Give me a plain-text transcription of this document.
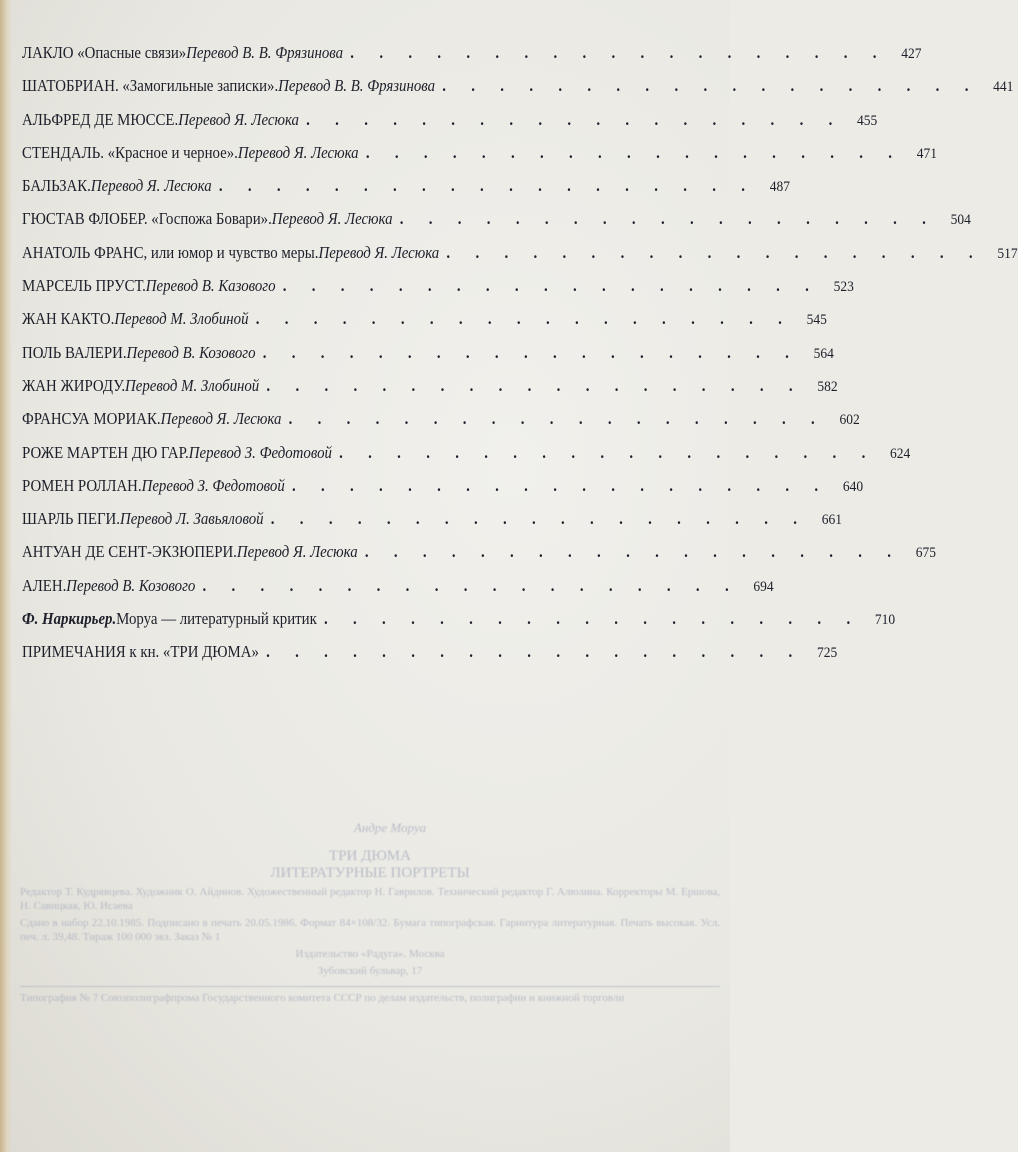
ЛАКЛО «Опасные связи» Перевод В. В. Фрязинова . . . . . . . . . . . . . . . . . . . 427
ШАТОБРИАН. «Замогильные записки». Перевод В. В. Фрязинова . . . . . . . . . . . . . . . . . . . 441
АЛЬФРЕД ДЕ МЮССЕ. Перевод Я. Лесюка . . . . . . . . . . . . . . . . . . . 455
СТЕНДАЛЬ. «Красное и черное». Перевод Я. Лесюка . . . . . . . . . . . . . . . . . . . 471
БАЛЬЗАК. Перевод Я. Лесюка . . . . . . . . . . . . . . . . . . . 487
ГЮСТАВ ФЛОБЕР. «Госпожа Бовари». Перевод Я. Лесюка . . . . . . . . . . . . . . . . . . . 504
АНАТОЛЬ ФРАНС, или юмор и чувство меры. Перевод Я. Лесюка . . . . . . . . . . . . . . . . . . . 517
МАРСЕЛЬ ПРУСТ. Перевод В. Казового . . . . . . . . . . . . . . . . . . . 523
ЖАН КАКТО. Перевод М. Злобиной . . . . . . . . . . . . . . . . . . . 545
ПОЛЬ ВАЛЕРИ. Перевод В. Козового . . . . . . . . . . . . . . . . . . . 564
ЖАН ЖИРОДУ. Перевод М. Злобиной . . . . . . . . . . . . . . . . . . . 582
ФРАНСУА МОРИАК. Перевод Я. Лесюка . . . . . . . . . . . . . . . . . . . 602
РОЖЕ МАРТЕН ДЮ ГАР. Перевод З. Федотовой . . . . . . . . . . . . . . . . . . . 624
РОМЕН РОЛЛАН. Перевод З. Федотовой . . . . . . . . . . . . . . . . . . . 640
ШАРЛЬ ПЕГИ. Перевод Л. Завьяловой . . . . . . . . . . . . . . . . . . . 661
АНТУАН ДЕ СЕНТ-ЭКЗЮПЕРИ. Перевод Я. Лесюка . . . . . . . . . . . . . . . . . . . 675
АЛЕН. Перевод В. Козового . . . . . . . . . . . . . . . . . . . 694
Ф. Наркирьер. Моруа — литературный критик . . . . . . . . . . . . . . . . . . . 710
ПРИМЕЧАНИЯ к кн. «ТРИ ДЮМА» . . . . . . . . . . . . . . . . . . . 725
Андре Моруа
ТРИ ДЮМА
ЛИТЕРАТУРНЫЕ ПОРТРЕТЫ

Редактор Т. Кудрявцева. Художник О. Айдинов. Художественный редактор Н. Гаврилов. Технический редактор Г. Алюлина. Корректоры М. Ершова, Н. Савицкая, Ю. Исаева

Сдано в набор 22.10.1985. Подписано в печать 20.05.1986. Формат 84×108/32. Бумага типографская. Гарнитура литературная. Печать высокая. Усл. печ. л. 39,48. Тираж 100 000 экз. Заказ № 1

Издательство «Радуга». Москва

Зубовский бульвар, 17

Типография № 7 Союзполиграфпрома Государственного комитета СССР по делам издательств, полиграфии и книжной торговли
